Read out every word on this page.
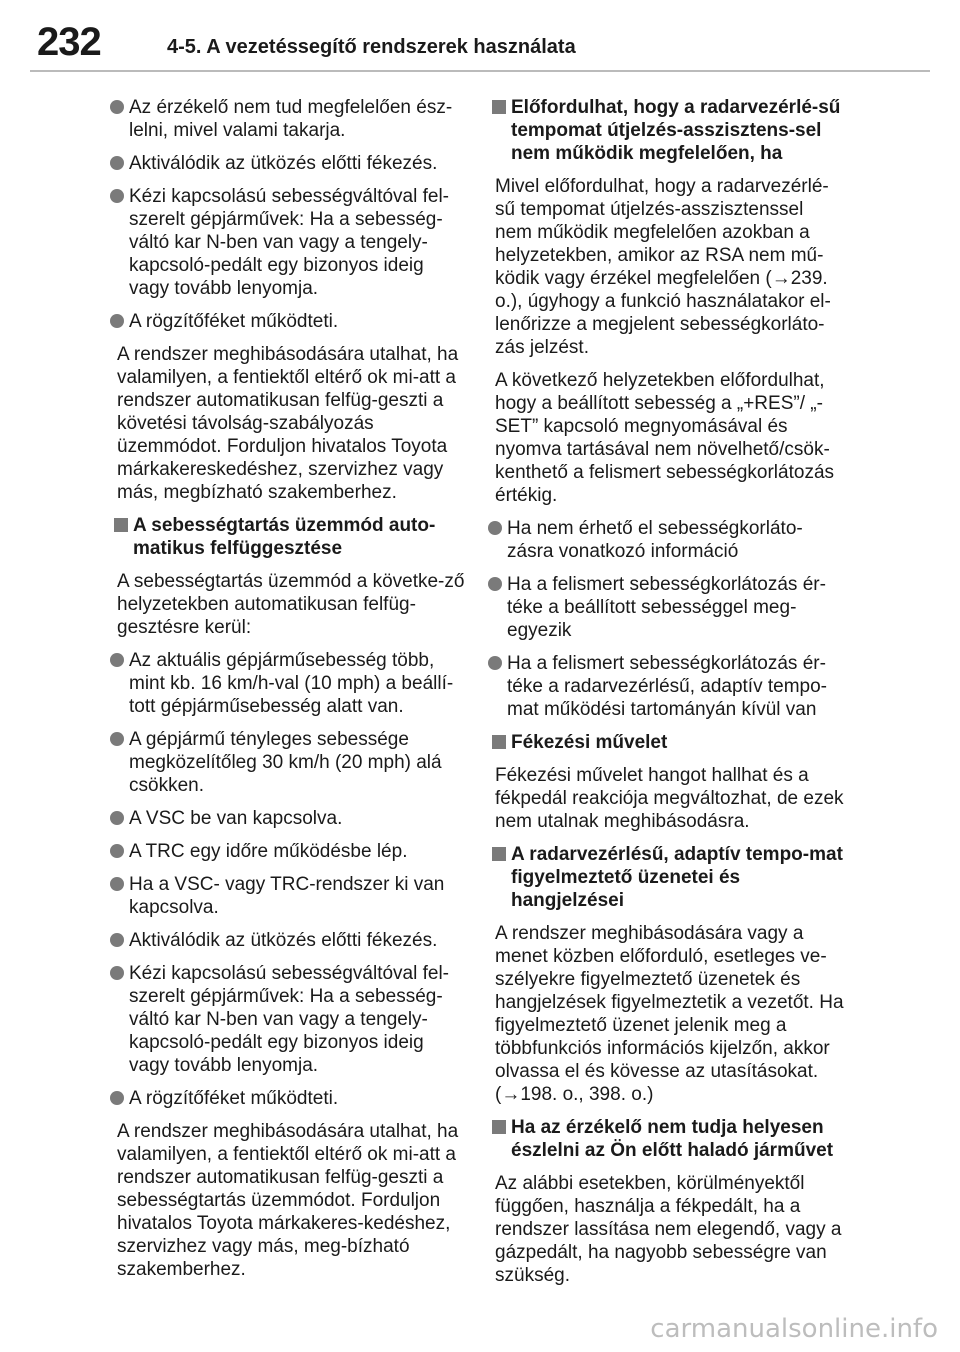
232	4-5. A vezetéssegítő rendszerek használata

Az érzékelő nem tud megfelelően ész-lelni, mivel valami takarja.

Aktiválódik az ütközés előtti fékezés.

Kézi kapcsolású sebességváltóval fel-szerelt gépjárművek: Ha a sebesség-váltó kar N-ben van vagy a tengely-kapcsoló-pedált egy bizonyos ideig vagy tovább lenyomja.

A rögzítőféket működteti.

A rendszer meghibásodására utalhat, ha valamilyen, a fentiektől eltérő ok mi-att a rendszer automatikusan felfüg-geszti a követési távolság-szabályozás üzemmódot. Forduljon hivatalos Toyota márkakereskedéshez, szervizhez vagy más, megbízható szakemberhez.

A sebességtartás üzemmód auto-matikus felfüggesztése

A sebességtartás üzemmód a követke-ző helyzetekben automatikusan felfüg-gesztésre kerül:

Az aktuális gépjárműsebesség több, mint kb. 16 km/h-val (10 mph) a beállí-tott gépjárműsebesség alatt van.

A gépjármű tényleges sebessége megközelítőleg 30 km/h (20 mph) alá csökken.

A VSC be van kapcsolva.

A TRC egy időre működésbe lép.

Ha a VSC- vagy TRC-rendszer ki van kapcsolva.

Aktiválódik az ütközés előtti fékezés.

Kézi kapcsolású sebességváltóval fel-szerelt gépjárművek: Ha a sebesség-váltó kar N-ben van vagy a tengely-kapcsoló-pedált egy bizonyos ideig vagy tovább lenyomja.

A rögzítőféket működteti.

A rendszer meghibásodására utalhat, ha valamilyen, a fentiektől eltérő ok mi-att a rendszer automatikusan felfüg-geszti a sebességtartás üzemmódot. Forduljon hivatalos Toyota márkakeres-kedéshez, szervizhez vagy más, meg-bízható szakemberhez.

Előfordulhat, hogy a radarvezérlé-sű tempomat útjelzés-asszisztens-sel nem működik megfelelően, ha

Mivel előfordulhat, hogy a radarvezérlé-sű tempomat útjelzés-asszisztenssel nem működik megfelelően azokban a helyzetekben, amikor az RSA nem mű-ködik vagy érzékel megfelelően (→239. o.), úgyhogy a funkció használatakor el-lenőrizze a megjelent sebességkorláto-zás jelzést.

A következő helyzetekben előfordulhat, hogy a beállított sebesség a „+RES”/ „-SET” kapcsoló megnyomásával és nyomva tartásával nem növelhető/csök-kenthető a felismert sebességkorlátozás értékig.

Ha nem érhető el sebességkorláto-zásra vonatkozó információ

Ha a felismert sebességkorlátozás ér-téke a beállított sebességgel meg-egyezik

Ha a felismert sebességkorlátozás ér-téke a radarvezérlésű, adaptív tempo-mat működési tartományán kívül van

Fékezési művelet

Fékezési művelet hangot hallhat és a fékpedál reakciója megváltozhat, de ezek nem utalnak meghibásodásra.

A radarvezérlésű, adaptív tempo-mat figyelmeztető üzenetei és hangjelzései

A rendszer meghibásodására vagy a menet közben előforduló, esetleges ve-szélyekre figyelmeztető üzenetek és hangjelzések figyelmeztetik a vezetőt. Ha figyelmeztető üzenet jelenik meg a többfunkciós információs kijelzőn, akkor olvassa el és kövesse az utasításokat. (→198. o., 398. o.)

Ha az érzékelő nem tudja helyesen észlelni az Ön előtt haladó járművet

Az alábbi esetekben, körülményektől függően, használja a fékpedált, ha a rendszer lassítása nem elegendő, vagy a gázpedált, ha nagyobb sebességre van szükség.

carmanualsonline.info
